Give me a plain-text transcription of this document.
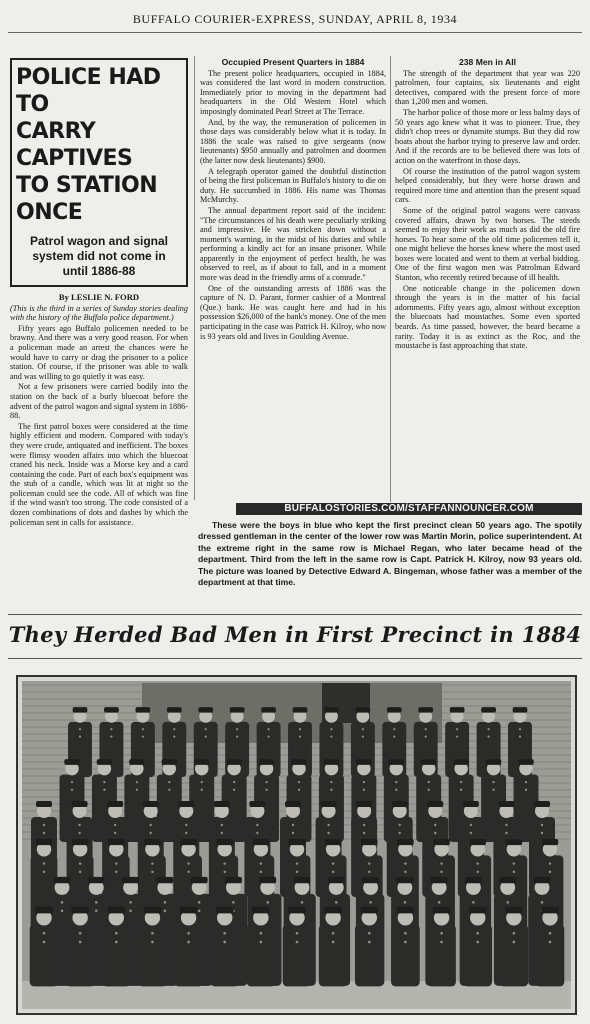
BUFFALO COURIER-EXPRESS, SUNDAY, APRIL 8, 1934
POLICE HAD TO
CARRY CAPTIVES
TO STATION ONCE
Patrol wagon and signal system did not come in until 1886-88

By LESLIE N. FORD

(This is the third in a series of Sunday stories dealing with the history of the Buffalo police department.)

Fifty years ago Buffalo policemen needed to be brawny. And there was a very good reason. For when a policeman made an arrest the chances were he would have to carry or drag the prisoner to a police station. Of course, if the prisoner was able to walk and was willing to go quietly it was easy.

Not a few prisoners were carried bodily into the station on the back of a burly bluecoat before the advent of the patrol wagon and signal system in 1886-88.

The first patrol boxes were considered at the time highly efficient and modern. Compared with today's they were crude, antiquated and inefficient. The boxes were flimsy wooden affairs into which the bluecoat craned his neck. Inside was a Morse key and a card containing the code. Part of each box's equipment was the stub of a candle, which was lit at night so the policeman could see the code. All of which was fine if the wind wasn't too strong. The code consisted of a dozen combinations of dots and dashes by which the policeman sent in calls for assistance.

Occupied Present Quarters in 1884

The present police headquarters, occupied in 1884, was considered the last word in modern construction. Immediately prior to moving in the department had headquarters in the Old Western Hotel which imposingly dominated Pearl Street at The Terrace.

And, by the way, the remuneration of policemen in those days was considerably below what it is today. In 1886 the scale was raised to give sergeants (now lieutenants) $950 annually and patrolmen and doormen (the latter now desk lieutenants) $900.

A telegraph operator gained the doubtful distinction of being the first policeman in Buffalo's history to die on duty. He succumbed in 1886. His name was Thomas McMurchy.

The annual department report said of the incident: "The circumstances of his death were peculiarly striking and impressive. He was stricken down without a moment's warning, in the midst of his duties and while performing a kindly act for an insane prisoner. While apparently in the enjoyment of perfect health, he was observed to reel, as if about to fall, and in a moment more was dead in the friendly arms of a comrade."

One of the outstanding arrests of 1886 was the capture of N. D. Parant, former cashier of a Montreal (Que.) bank. He was caught here and had in his possession $26,000 of the bank's money. One of the men participating in the case was Patrick H. Kilroy, who now is 93 years old and lives in Goulding Avenue.

238 Men in All

The strength of the department that year was 220 patrolmen, four captains, six lieutenants and eight detectives, compared with the present force of more than 1,200 men and women.

The harbor police of those more or less balmy days of 50 years ago knew what it was to pioneer. True, they didn't chop trees or dynamite stumps. But they did row boats about the harbor trying to preserve law and order. And if the records are to be believed there was lots of action on the waterfront in those days.

Of course the institution of the patrol wagon system helped considerably, but they were horse drawn and required more time and attention than the present squad cars.

Some of the original patrol wagons were canvass covered affairs, drawn by two horses. The steeds seemed to enjoy their work as much as did the old fire horses. To hear some of the old time policemen tell it, one might believe the horses knew where the most used boxes were located and went to them at verbal bidding. One of the first wagon men was Patrolman Edward Stanton, who recently retired because of ill health.

One noticeable change in the policemen down through the years is in the matter of his facial adornments. Fifty years ago, almost without exception the bluecoats had moustaches. Some even sported beards. As time passed, however, the beard became a rarity. Today it is as extinct as the Roc, and the moustache is fast approaching that state.

BUFFALOSTORIES.COM/STAFFANNOUNCER.COM
These were the boys in blue who kept the first precinct clean 50 years ago. The spotily dressed gentleman in the center of the lower row was Martin Morin, police superintendent. At the extreme right in the same row is Michael Regan, who later became head of the department. Third from the left in the same row is Capt. Patrick H. Kilroy, now 93 years old. The picture was loaned by Detective Edward A. Bingeman, whose father was a member of the department at that time.
They Herded Bad Men in First Precinct in 1884
